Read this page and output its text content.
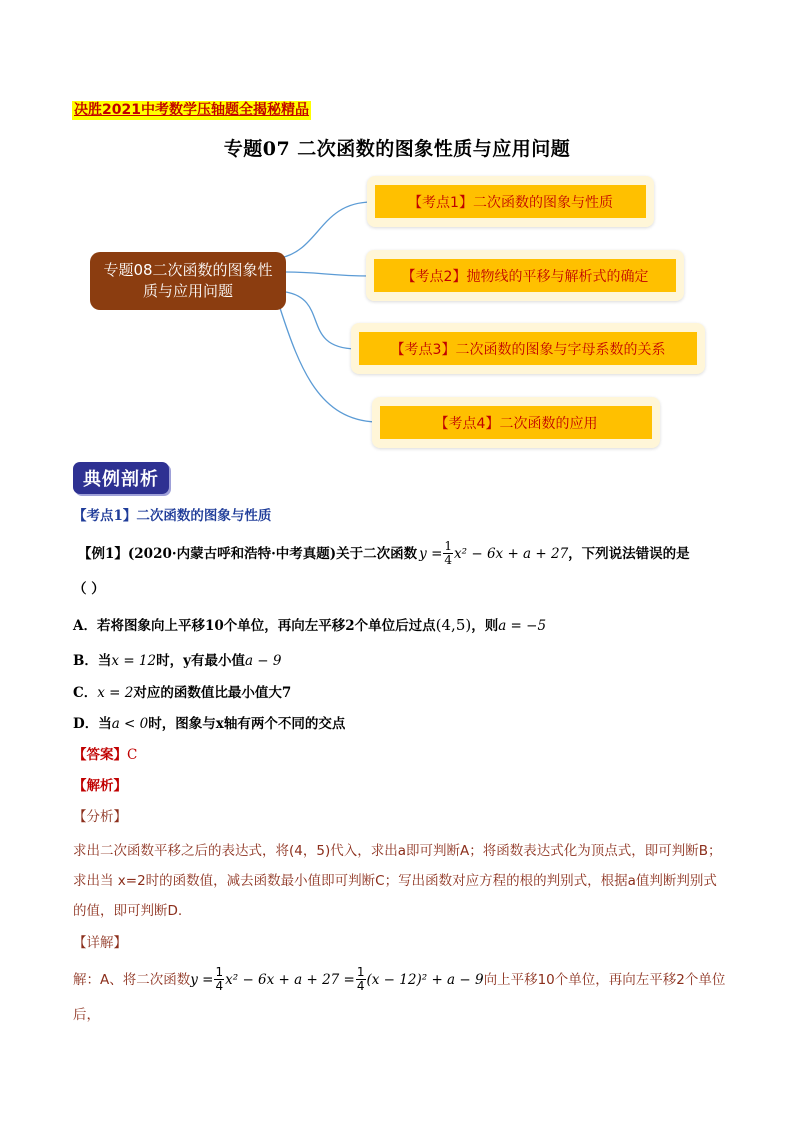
决胜2021中考数学压轴题全揭秘精品
专题07 二次函数的图象性质与应用问题
专题08二次函数的图象性质与应用问题
【考点1】二次函数的图象与性质
【考点2】抛物线的平移与解析式的确定
【考点3】二次函数的图象与字母系数的关系
【考点4】二次函数的应用
典例剖析
【考点1】二次函数的图象与性质
【例1】 (2020·内蒙古呼和浩特·中考真题)关于二次函数 $y = \frac{1}{4} x^2 - 6x + a + 27$ ，下列说法错误的是
（ ）
A．若将图象向上平移10个单位，再向左平移2个单位后过点(4,5)，则a = −5
B．当x = 12时，y有最小值a − 9
C．x = 2对应的函数值比最小值大7
D．当a < 0时，图象与x轴有两个不同的交点
【答案】C
【解析】
【分析】
求出二次函数平移之后的表达式，将(4，5)代入，求出a即可判断A；将函数表达式化为顶点式，即可判断B；求出当 x=2时的函数值，减去函数最小值即可判断C；写出函数对应方程的根的判别式，根据a值判断判别式的值，即可判断D.
【详解】
解：A、将二次函数 $y = \frac{1}{4} x^2 - 6x + a + 27 = \frac{1}{4} (x - 12)^2 + a - 9$ 向上平移10个单位，再向左平移2个单位
后，
